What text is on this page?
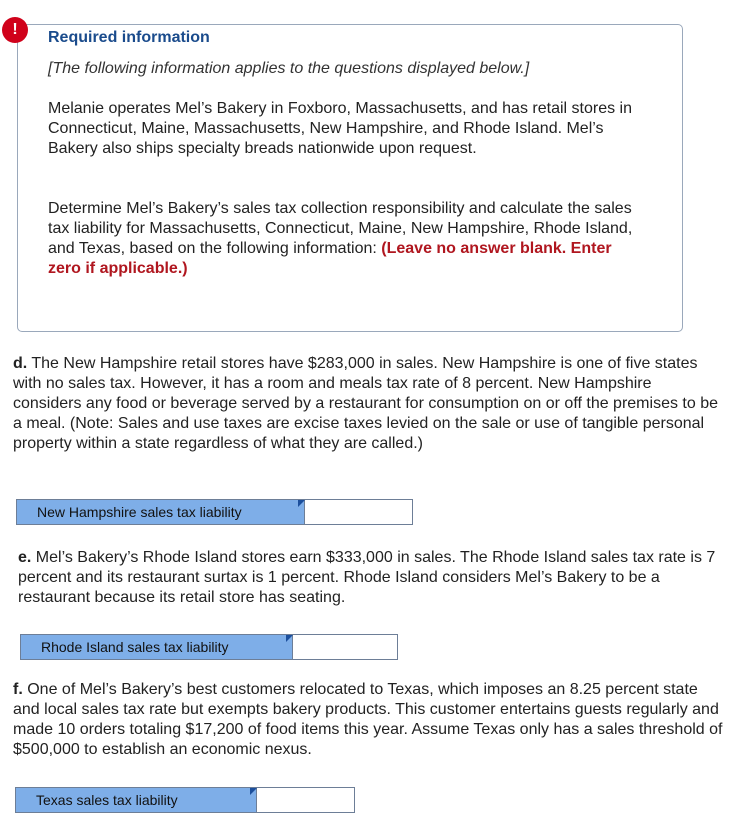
!	Required information

[The following information applies to the questions displayed below.]

Melanie operates Mel’s Bakery in Foxboro, Massachusetts, and has retail stores in Connecticut, Maine, Massachusetts, New Hampshire, and Rhode Island. Mel’s Bakery also ships specialty breads nationwide upon request.

Determine Mel’s Bakery’s sales tax collection responsibility and calculate the sales tax liability for Massachusetts, Connecticut, Maine, New Hampshire, Rhode Island, and Texas, based on the following information: (Leave no answer blank. Enter zero if applicable.)

d. The New Hampshire retail stores have $283,000 in sales. New Hampshire is one of five states with no sales tax. However, it has a room and meals tax rate of 8 percent. New Hampshire considers any food or beverage served by a restaurant for consumption on or off the premises to be a meal. (Note: Sales and use taxes are excise taxes levied on the sale or use of tangible personal property within a state regardless of what they are called.)

New Hampshire sales tax liability

e. Mel’s Bakery’s Rhode Island stores earn $333,000 in sales. The Rhode Island sales tax rate is 7 percent and its restaurant surtax is 1 percent. Rhode Island considers Mel’s Bakery to be a restaurant because its retail store has seating.

Rhode Island sales tax liability

f. One of Mel’s Bakery’s best customers relocated to Texas, which imposes an 8.25 percent state and local sales tax rate but exempts bakery products. This customer entertains guests regularly and made 10 orders totaling $17,200 of food items this year. Assume Texas only has a sales threshold of $500,000 to establish an economic nexus.

Texas sales tax liability
